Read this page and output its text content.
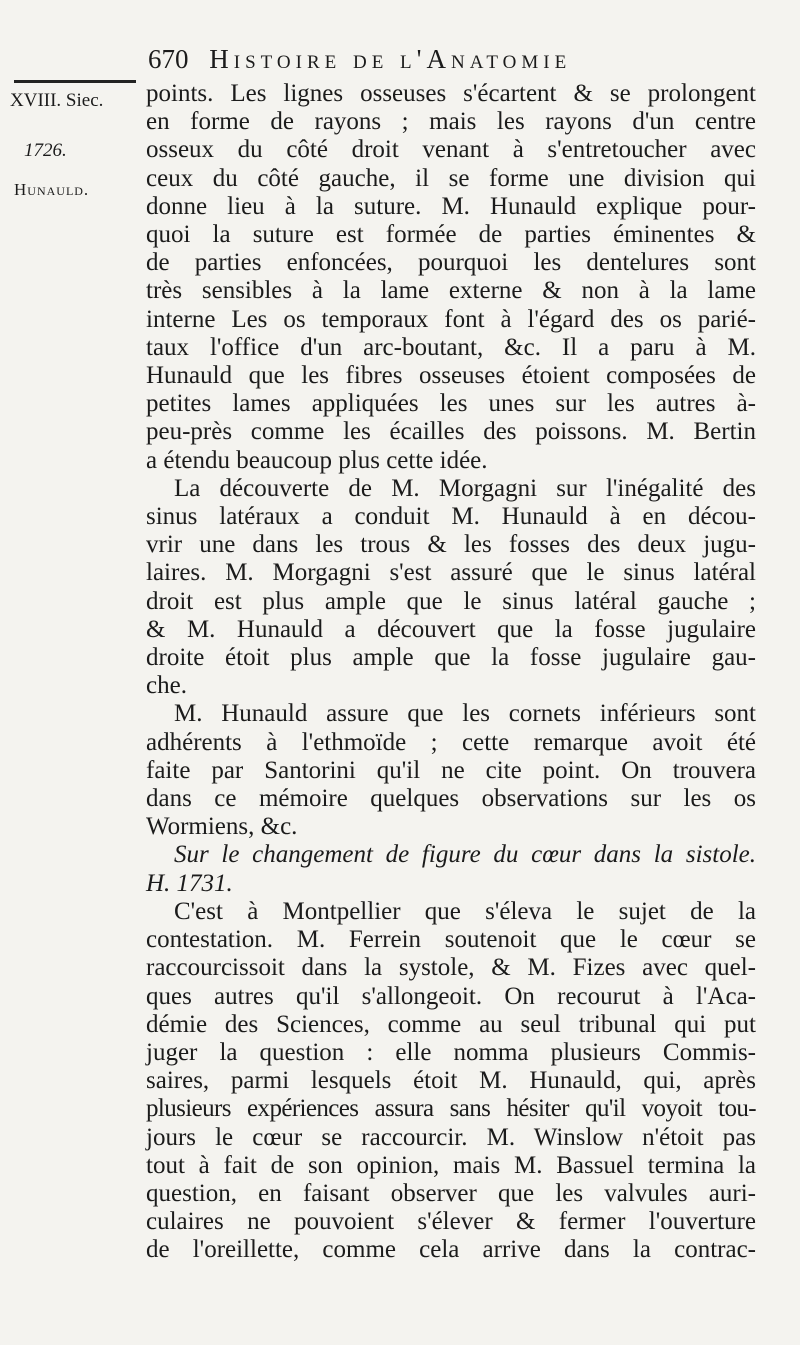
670 Histoire de l'Anatomie
XVIII. Siec.
1726.
Hunauld.

points. Les lignes osseuses s'écartent & se prolongent

en forme de rayons ; mais les rayons d'un centre

osseux du côté droit venant à s'entretoucher avec

ceux du côté gauche, il se forme une division qui

donne lieu à la suture. M. Hunauld explique pour-

quoi la suture est formée de parties éminentes &

de parties enfoncées, pourquoi les dentelures sont

très sensibles à la lame externe & non à la lame

interne Les os temporaux font à l'égard des os parié-

taux l'office d'un arc-boutant, &c. Il a paru à M.

Hunauld que les fibres osseuses étoient composées de

petites lames appliquées les unes sur les autres à-

peu-près comme les écailles des poissons. M. Bertin

a étendu beaucoup plus cette idée.

La découverte de M. Morgagni sur l'inégalité des

sinus latéraux a conduit M. Hunauld à en décou-

vrir une dans les trous & les fosses des deux jugu-

laires. M. Morgagni s'est assuré que le sinus latéral

droit est plus ample que le sinus latéral gauche ;

& M. Hunauld a découvert que la fosse jugulaire

droite étoit plus ample que la fosse jugulaire gau-

che.

M. Hunauld assure que les cornets inférieurs sont

adhérents à l'ethmoïde ; cette remarque avoit été

faite par Santorini qu'il ne cite point. On trouvera

dans ce mémoire quelques observations sur les os

Wormiens, &c.

Sur le changement de figure du cœur dans la sistole.

H. 1731.

C'est à Montpellier que s'éleva le sujet de la

contestation. M. Ferrein soutenoit que le cœur se

raccourcissoit dans la systole, & M. Fizes avec quel-

ques autres qu'il s'allongeoit. On recourut à l'Aca-

démie des Sciences, comme au seul tribunal qui put

juger la question : elle nomma plusieurs Commis-

saires, parmi lesquels étoit M. Hunauld, qui, après

plusieurs expériences assura sans hésiter qu'il voyoit tou-

jours le cœur se raccourcir. M. Winslow n'étoit pas

tout à fait de son opinion, mais M. Bassuel termina la

question, en faisant observer que les valvules auri-

culaires ne pouvoient s'élever & fermer l'ouverture

de l'oreillette, comme cela arrive dans la contrac-
